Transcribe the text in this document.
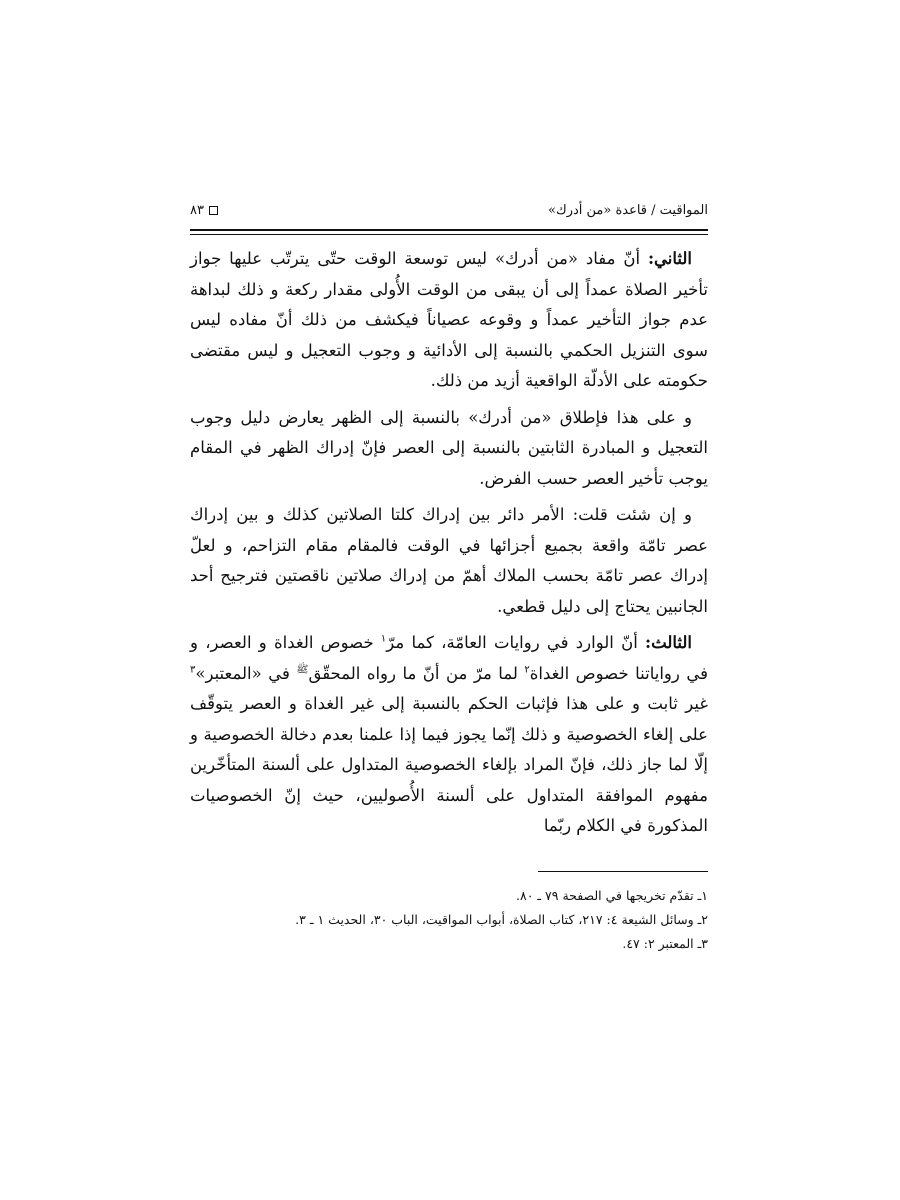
المواقيت / قاعدة «من أدرك»
٨٣

الثاني: أنّ مفاد «من أدرك» ليس توسعة الوقت حتّى يترتّب عليها جواز تأخير الصلاة عمداً إلى أن يبقى من الوقت الأُولى مقدار ركعة و ذلك لبداهة عدم جواز التأخير عمداً و وقوعه عصياناً فيكشف من ذلك أنّ مفاده ليس سوى التنزيل الحكمي بالنسبة إلى الأدائية و وجوب التعجيل و ليس مقتضى حكومته على الأدلّة الواقعية أزيد من ذلك.

و على هذا فإطلاق «من أدرك» بالنسبة إلى الظهر يعارض دليل وجوب التعجيل و المبادرة الثابتين بالنسبة إلى العصر فإنّ إدراك الظهر في المقام يوجب تأخير العصر حسب الفرض.

و إن شئت قلت: الأمر دائر بين إدراك كلتا الصلاتين كذلك و بين إدراك عصر تامّة واقعة بجميع أجزائها في الوقت فالمقام مقام التزاحم، و لعلّ إدراك عصر تامّة بحسب الملاك أهمّ من إدراك صلاتين ناقصتين فترجيح أحد الجانبين يحتاج إلى دليل قطعي.

الثالث: أنّ الوارد في روايات العامّة، كما مرّ$^١$ خصوص الغداة و العصر، و في رواياتنا خصوص الغداة$^٢$ لما مرّ من أنّ ما رواه المحقّق$^ﷺ$ في «المعتبر»$^٣$ غير ثابت و على هذا فإثبات الحكم بالنسبة إلى غير الغداة و العصر يتوقّف على إلغاء الخصوصية و ذلك إنّما يجوز فيما إذا علمنا بعدم دخالة الخصوصية و إلّا لما جاز ذلك، فإنّ المراد بإلغاء الخصوصية المتداول على ألسنة المتأخّرين مفهوم الموافقة المتداول على ألسنة الأُصوليين، حيث إنّ الخصوصيات المذكورة في الكلام ربّما

١ـ تقدّم تخريجها في الصفحة ٧٩ ـ ٨٠.
٢ـ وسائل الشيعة ٤: ٢١٧، كتاب الصلاة، أبواب المواقيت، الباب ٣٠، الحديث ١ ـ ٣.
٣ـ المعتبر ٢: ٤٧.
